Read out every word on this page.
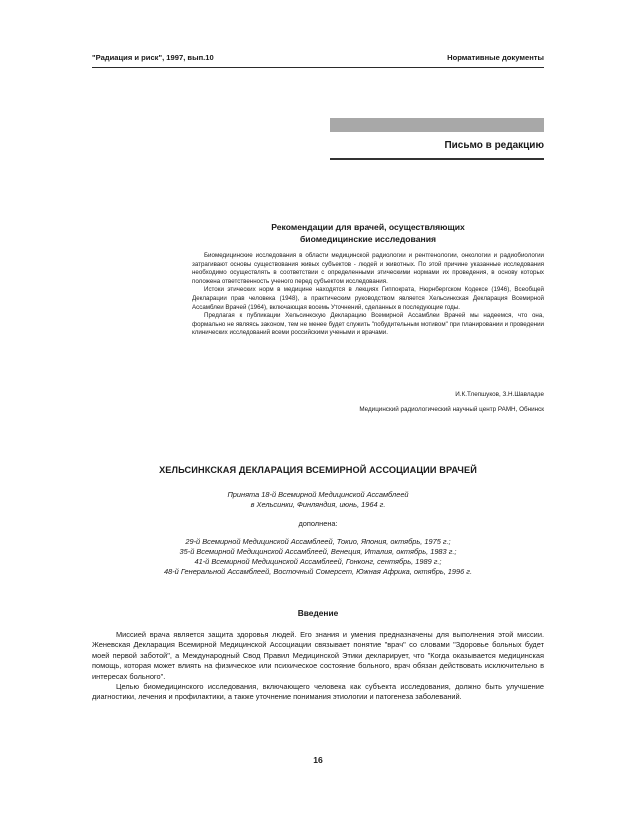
"Радиация и риск", 1997, вып.10	Нормативные документы
Письмо в редакцию
Рекомендации для врачей, осуществляющих
биомедицинские исследования

Биомедицинские исследования в области медицинской радиологии и рентгенологии, онкологии и радиобиологии затрагивают основы существования живых субъектов - людей и животных. По этой причине указанные исследования необходимо осуществлять в соответствии с определенными этическими нормами их проведения, в основу которых положена ответственность ученого перед субъектом исследования.

Истоки этических норм в медицине находятся в лекциях Гиппократа, Нюрнбергском Кодексе (1946), Всеобщей Декларации прав человека (1948), а практическим руководством является Хельсинкская Декларация Всемирной Ассамблеи Врачей (1964), включающая восемь Уточнений, сделанных в последующие годы.

Предлагая к публикации Хельсинкскую Декларацию Всемирной Ассамблеи Врачей мы надеемся, что она, формально не являясь законом, тем не менее будет служить "побудительным мотивом" при планировании и проведении клинических исследований всеми российскими учеными и врачами.

И.К.Тлепшуков, З.Н.Шавладзе
Медицинский радиологический научный центр РАМН, Обнинск
ХЕЛЬСИНКСКАЯ ДЕКЛАРАЦИЯ ВСЕМИРНОЙ АССОЦИАЦИИ ВРАЧЕЙ
Принята 18-й Всемирной Медицинской Ассамблеей
в Хельсинки, Финляндия, июнь, 1964 г.
дополнена:
29-й Всемирной Медицинской Ассамблеей, Токио, Япония, октябрь, 1975 г.;
35-й Всемирной Медицинской Ассамблеей, Венеция, Италия, октябрь, 1983 г.;
41-й Всемирной Медицинской Ассамблеей, Гонконг, сентябрь, 1989 г.;
48-й Генеральной Ассамблеей, Восточный Сомерсет, Южная Африка, октябрь, 1996 г.
Введение

Миссией врача является защита здоровья людей. Его знания и умения предназначены для выполнения этой миссии. Женевская Декларация Всемирной Медицинской Ассоциации связывает понятие "врач" со словами "Здоровье больных будет моей первой заботой", а Международный Свод Правил Медицинской Этики декларирует, что "Когда оказывается медицинская помощь, которая может влиять на физическое или психическое состояние больного, врач обязан действовать исключительно в интересах больного".

Целью биомедицинского исследования, включающего человека как субъекта исследования, должно быть улучшение диагностики, лечения и профилактики, а также уточнение понимания этиологии и патогенеза заболеваний.

16
